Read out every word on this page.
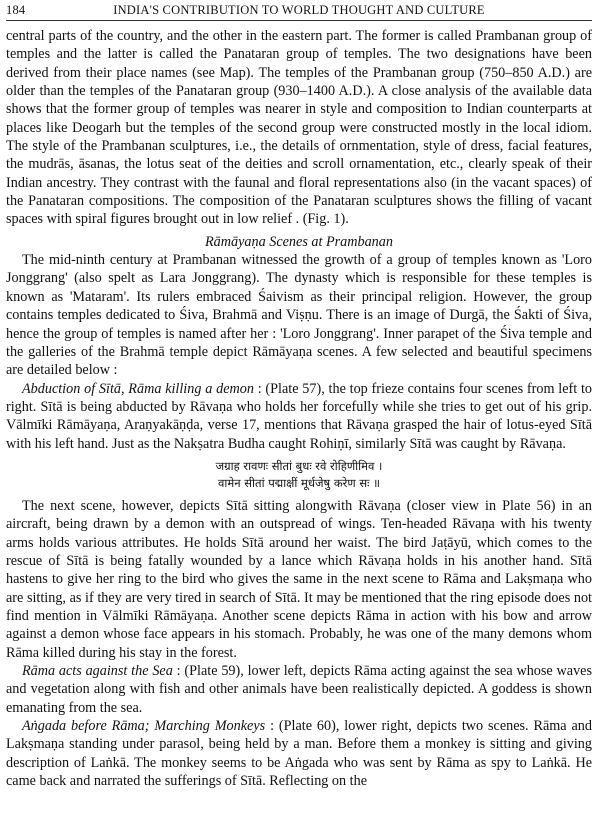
184	INDIA'S CONTRIBUTION TO WORLD THOUGHT AND CULTURE

central parts of the country, and the other in the eastern part. The former is called Prambanan group of temples and the latter is called the Panataran group of temples. The two designations have been derived from their place names (see Map). The temples of the Prambanan group (750–850 A.D.) are older than the temples of the Panataran group (930–1400 A.D.). A close analysis of the available data shows that the former group of temples was nearer in style and composition to Indian counterparts at places like Deogarh but the temples of the second group were constructed mostly in the local idiom. The style of the Prambanan sculptures, i.e., the details of ornmentation, style of dress, facial features, the mudrās, āsanas, the lotus seat of the deities and scroll ornamentation, etc., clearly speak of their Indian ancestry. They contrast with the faunal and floral representations also (in the vacant spaces) of the Panataran compositions. The composition of the Panataran sculptures shows the filling of vacant spaces with spiral figures brought out in low relief . (Fig. 1).

Rāmāyaṇa Scenes at Prambanan

The mid-ninth century at Prambanan witnessed the growth of a group of temples known as 'Loro Jonggrang' (also spelt as Lara Jonggrang). The dynasty which is responsible for these temples is known as 'Mataram'. Its rulers embraced Śaivism as their principal religion. However, the group contains temples dedicated to Śiva, Brahmā and Viṣṇu. There is an image of Durgā, the Śakti of Śiva, hence the group of temples is named after her : 'Loro Jonggrang'. Inner parapet of the Śiva temple and the galleries of the Brahmā temple depict Rāmāyaṇa scenes. A few selected and beautiful specimens are detailed below :

Abduction of Sītā, Rāma killing a demon : (Plate 57), the top frieze contains four scenes from left to right. Sītā is being abducted by Rāvaṇa who holds her forcefully while she tries to get out of his grip. Vālmīki Rāmāyaṇa, Araṇyakāṇḍa, verse 17, mentions that Rāvaṇa grasped the hair of lotus-eyed Sītā with his left hand. Just as the Nakṣatra Budha caught Rohiṇī, similarly Sītā was caught by Rāvaṇa.

जग्राह रावणः सीतां बुधः रवे रोहिणीमिव ।
वामेन सीतां पद्माक्षीं मूर्धजेषु करेण सः ॥

The next scene, however, depicts Sītā sitting alongwith Rāvaṇa (closer view in Plate 56) in an aircraft, being drawn by a demon with an outspread of wings. Ten-headed Rāvaṇa with his twenty arms holds various attributes. He holds Sītā around her waist. The bird Jaṭāyū, which comes to the rescue of Sītā is being fatally wounded by a lance which Rāvaṇa holds in his another hand. Sītā hastens to give her ring to the bird who gives the same in the next scene to Rāma and Lakṣmaṇa who are sitting, as if they are very tired in search of Sītā. It may be mentioned that the ring episode does not find mention in Vālmīki Rāmāyaṇa. Another scene depicts Rāma in action with his bow and arrow against a demon whose face appears in his stomach. Probably, he was one of the many demons whom Rāma killed during his stay in the forest.

Rāma acts against the Sea : (Plate 59), lower left, depicts Rāma acting against the sea whose waves and vegetation along with fish and other animals have been realistically depicted. A goddess is shown emanating from the sea.

Aṅgada before Rāma; Marching Monkeys : (Plate 60), lower right, depicts two scenes. Rāma and Lakṣmaṇa standing under parasol, being held by a man. Before them a monkey is sitting and giving description of Laṅkā. The monkey seems to be Aṅgada who was sent by Rāma as spy to Laṅkā. He came back and narrated the sufferings of Sītā. Reflecting on the
